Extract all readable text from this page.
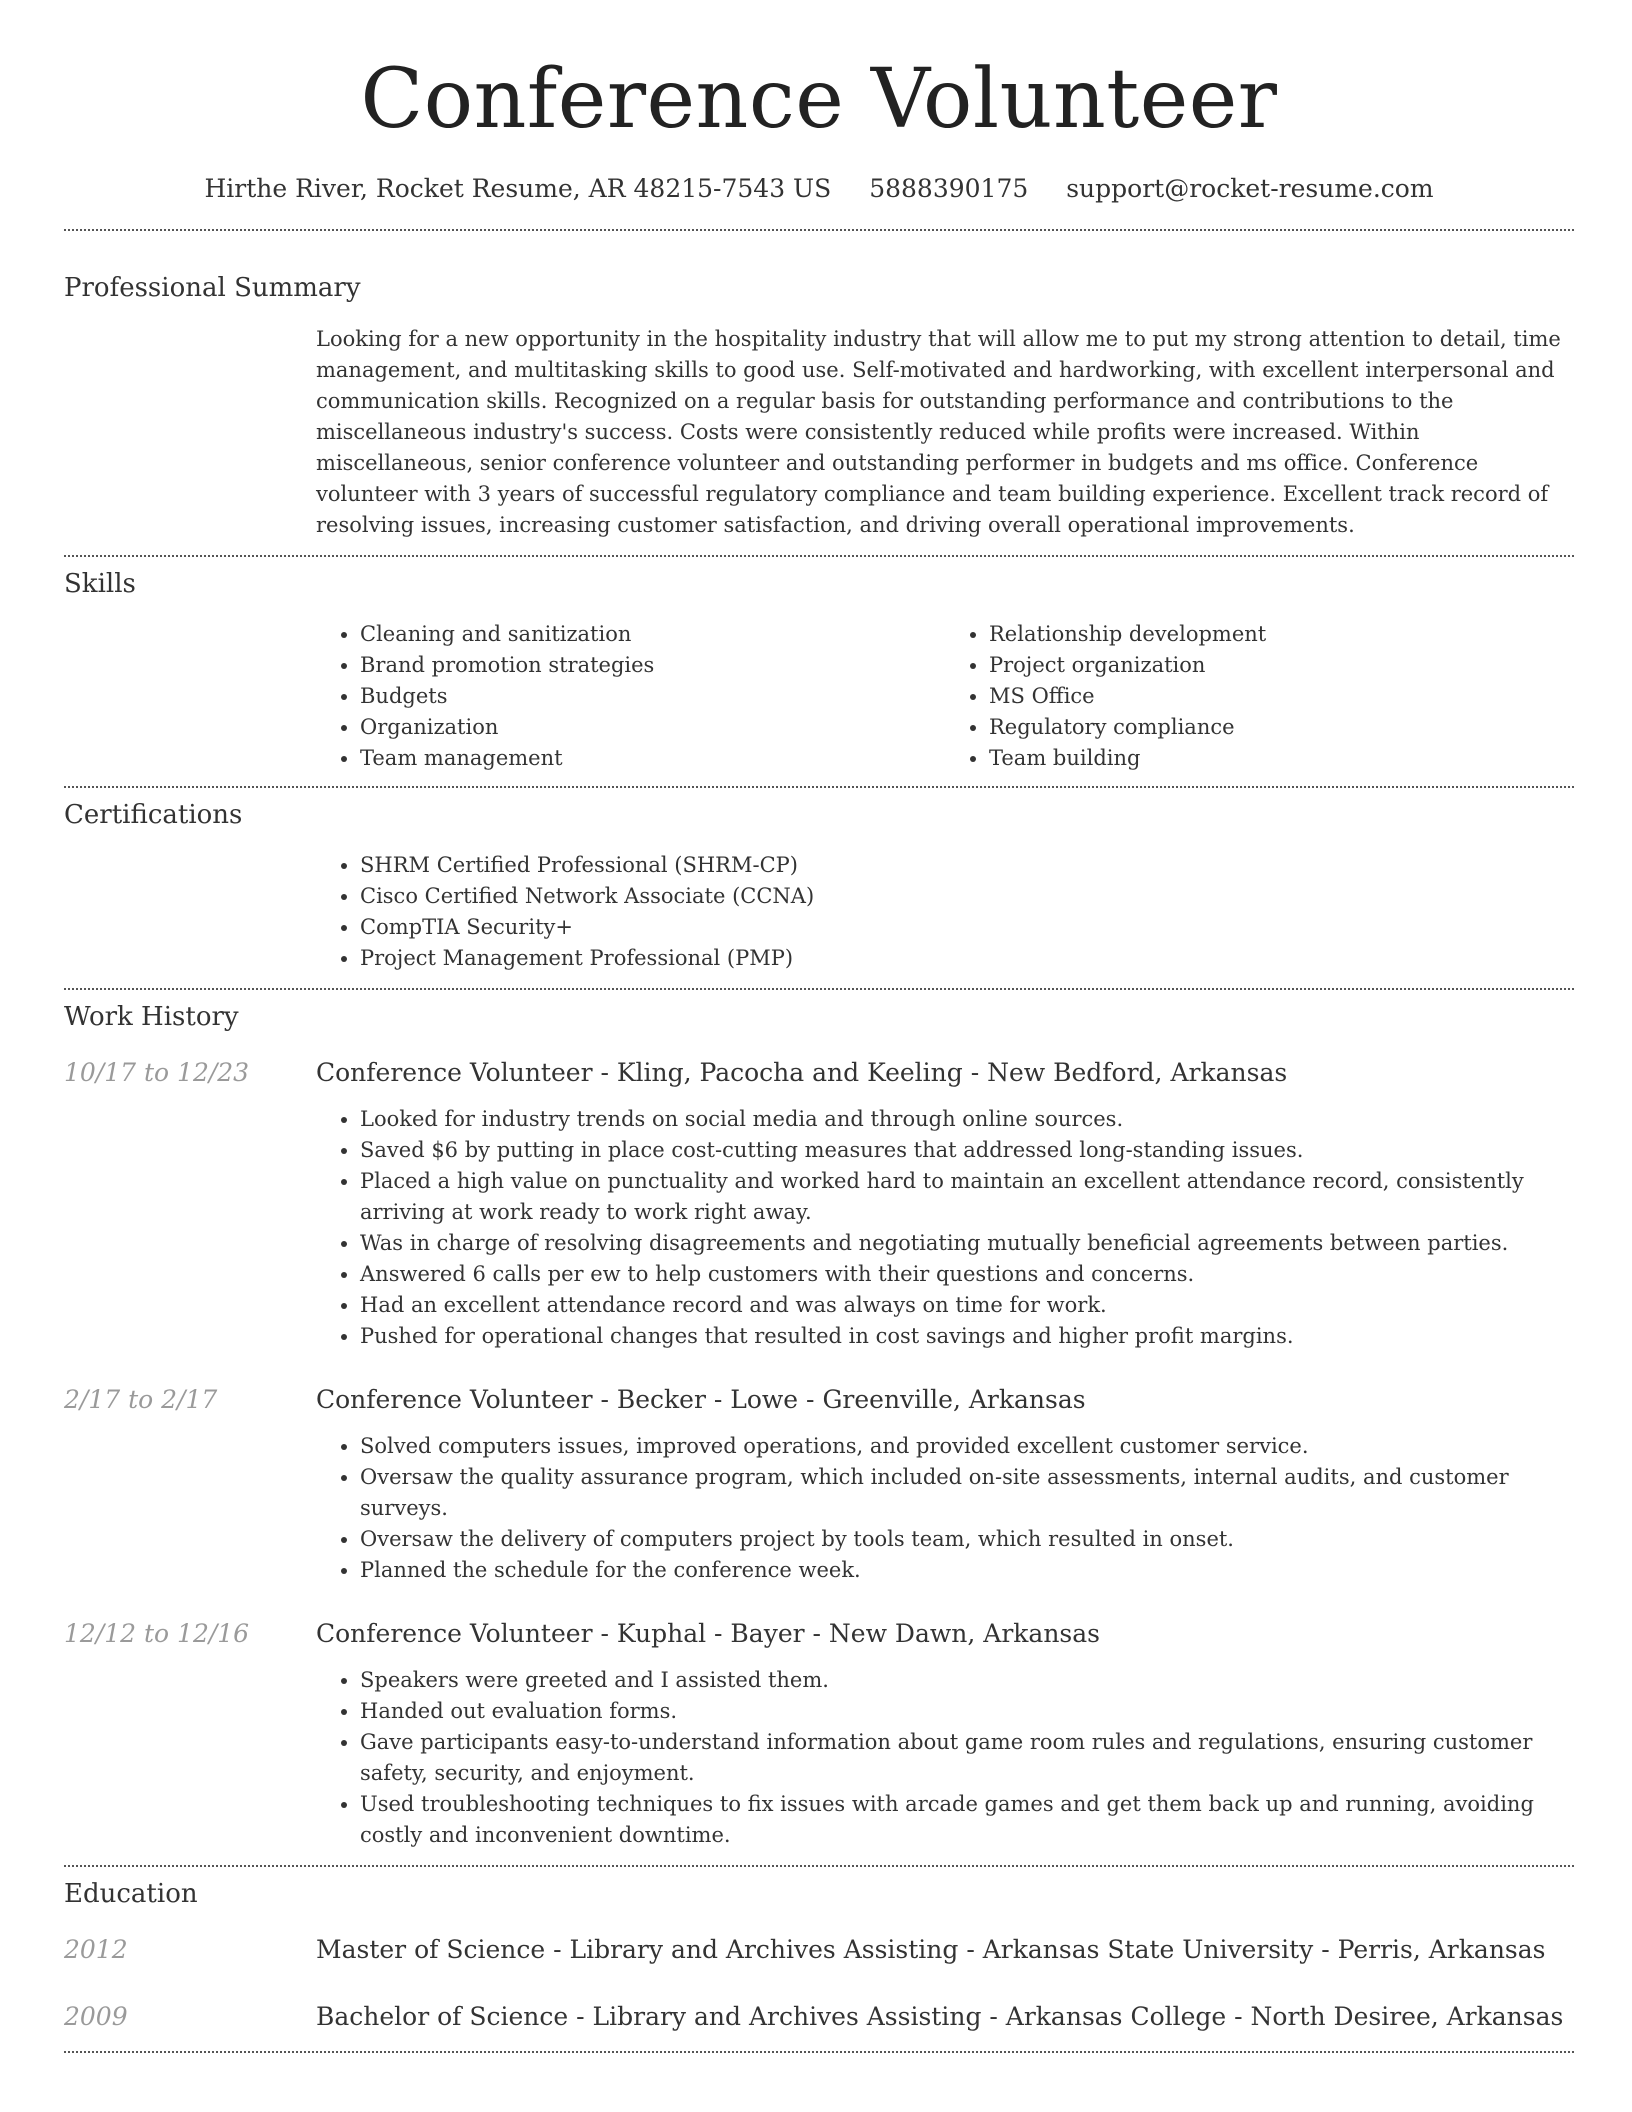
Conference Volunteer
Hirthe River, Rocket Resume, AR 48215-7543 US 5888390175 support@rocket-resume.com
Professional Summary

Looking for a new opportunity in the hospitality industry that will allow me to put my strong attention to detail, time management, and multitasking skills to good use. Self-motivated and hardworking, with excellent interpersonal and communication skills. Recognized on a regular basis for outstanding performance and contributions to the miscellaneous industry's success. Costs were consistently reduced while profits were increased. Within miscellaneous, senior conference volunteer and outstanding performer in budgets and ms office. Conference volunteer with 3 years of successful regulatory compliance and team building experience. Excellent track record of resolving issues, increasing customer satisfaction, and driving overall operational improvements.

Skills
• Cleaning and sanitization
• Brand promotion strategies
• Budgets
• Organization
• Team management
• Relationship development
• Project organization
• MS Office
• Regulatory compliance
• Team building
Certifications
• SHRM Certified Professional (SHRM-CP)
• Cisco Certified Network Associate (CCNA)
• CompTIA Security+
• Project Management Professional (PMP)
Work History
10/17 to 12/23	Conference Volunteer - Kling, Pacocha and Keeling - New Bedford, Arkansas
• Looked for industry trends on social media and through online sources.
• Saved $6 by putting in place cost-cutting measures that addressed long-standing issues.
• Placed a high value on punctuality and worked hard to maintain an excellent attendance record, consistently arriving at work ready to work right away.
• Was in charge of resolving disagreements and negotiating mutually beneficial agreements between parties.
• Answered 6 calls per ew to help customers with their questions and concerns.
• Had an excellent attendance record and was always on time for work.
• Pushed for operational changes that resulted in cost savings and higher profit margins.
2/17 to 2/17	Conference Volunteer - Becker - Lowe - Greenville, Arkansas
• Solved computers issues, improved operations, and provided excellent customer service.
• Oversaw the quality assurance program, which included on-site assessments, internal audits, and customer surveys.
• Oversaw the delivery of computers project by tools team, which resulted in onset.
• Planned the schedule for the conference week.
12/12 to 12/16	Conference Volunteer - Kuphal - Bayer - New Dawn, Arkansas
• Speakers were greeted and I assisted them.
• Handed out evaluation forms.
• Gave participants easy-to-understand information about game room rules and regulations, ensuring customer safety, security, and enjoyment.
• Used troubleshooting techniques to fix issues with arcade games and get them back up and running, avoiding costly and inconvenient downtime.
Education
2012	Master of Science - Library and Archives Assisting - Arkansas State University - Perris, Arkansas
2009	Bachelor of Science - Library and Archives Assisting - Arkansas College - North Desiree, Arkansas
